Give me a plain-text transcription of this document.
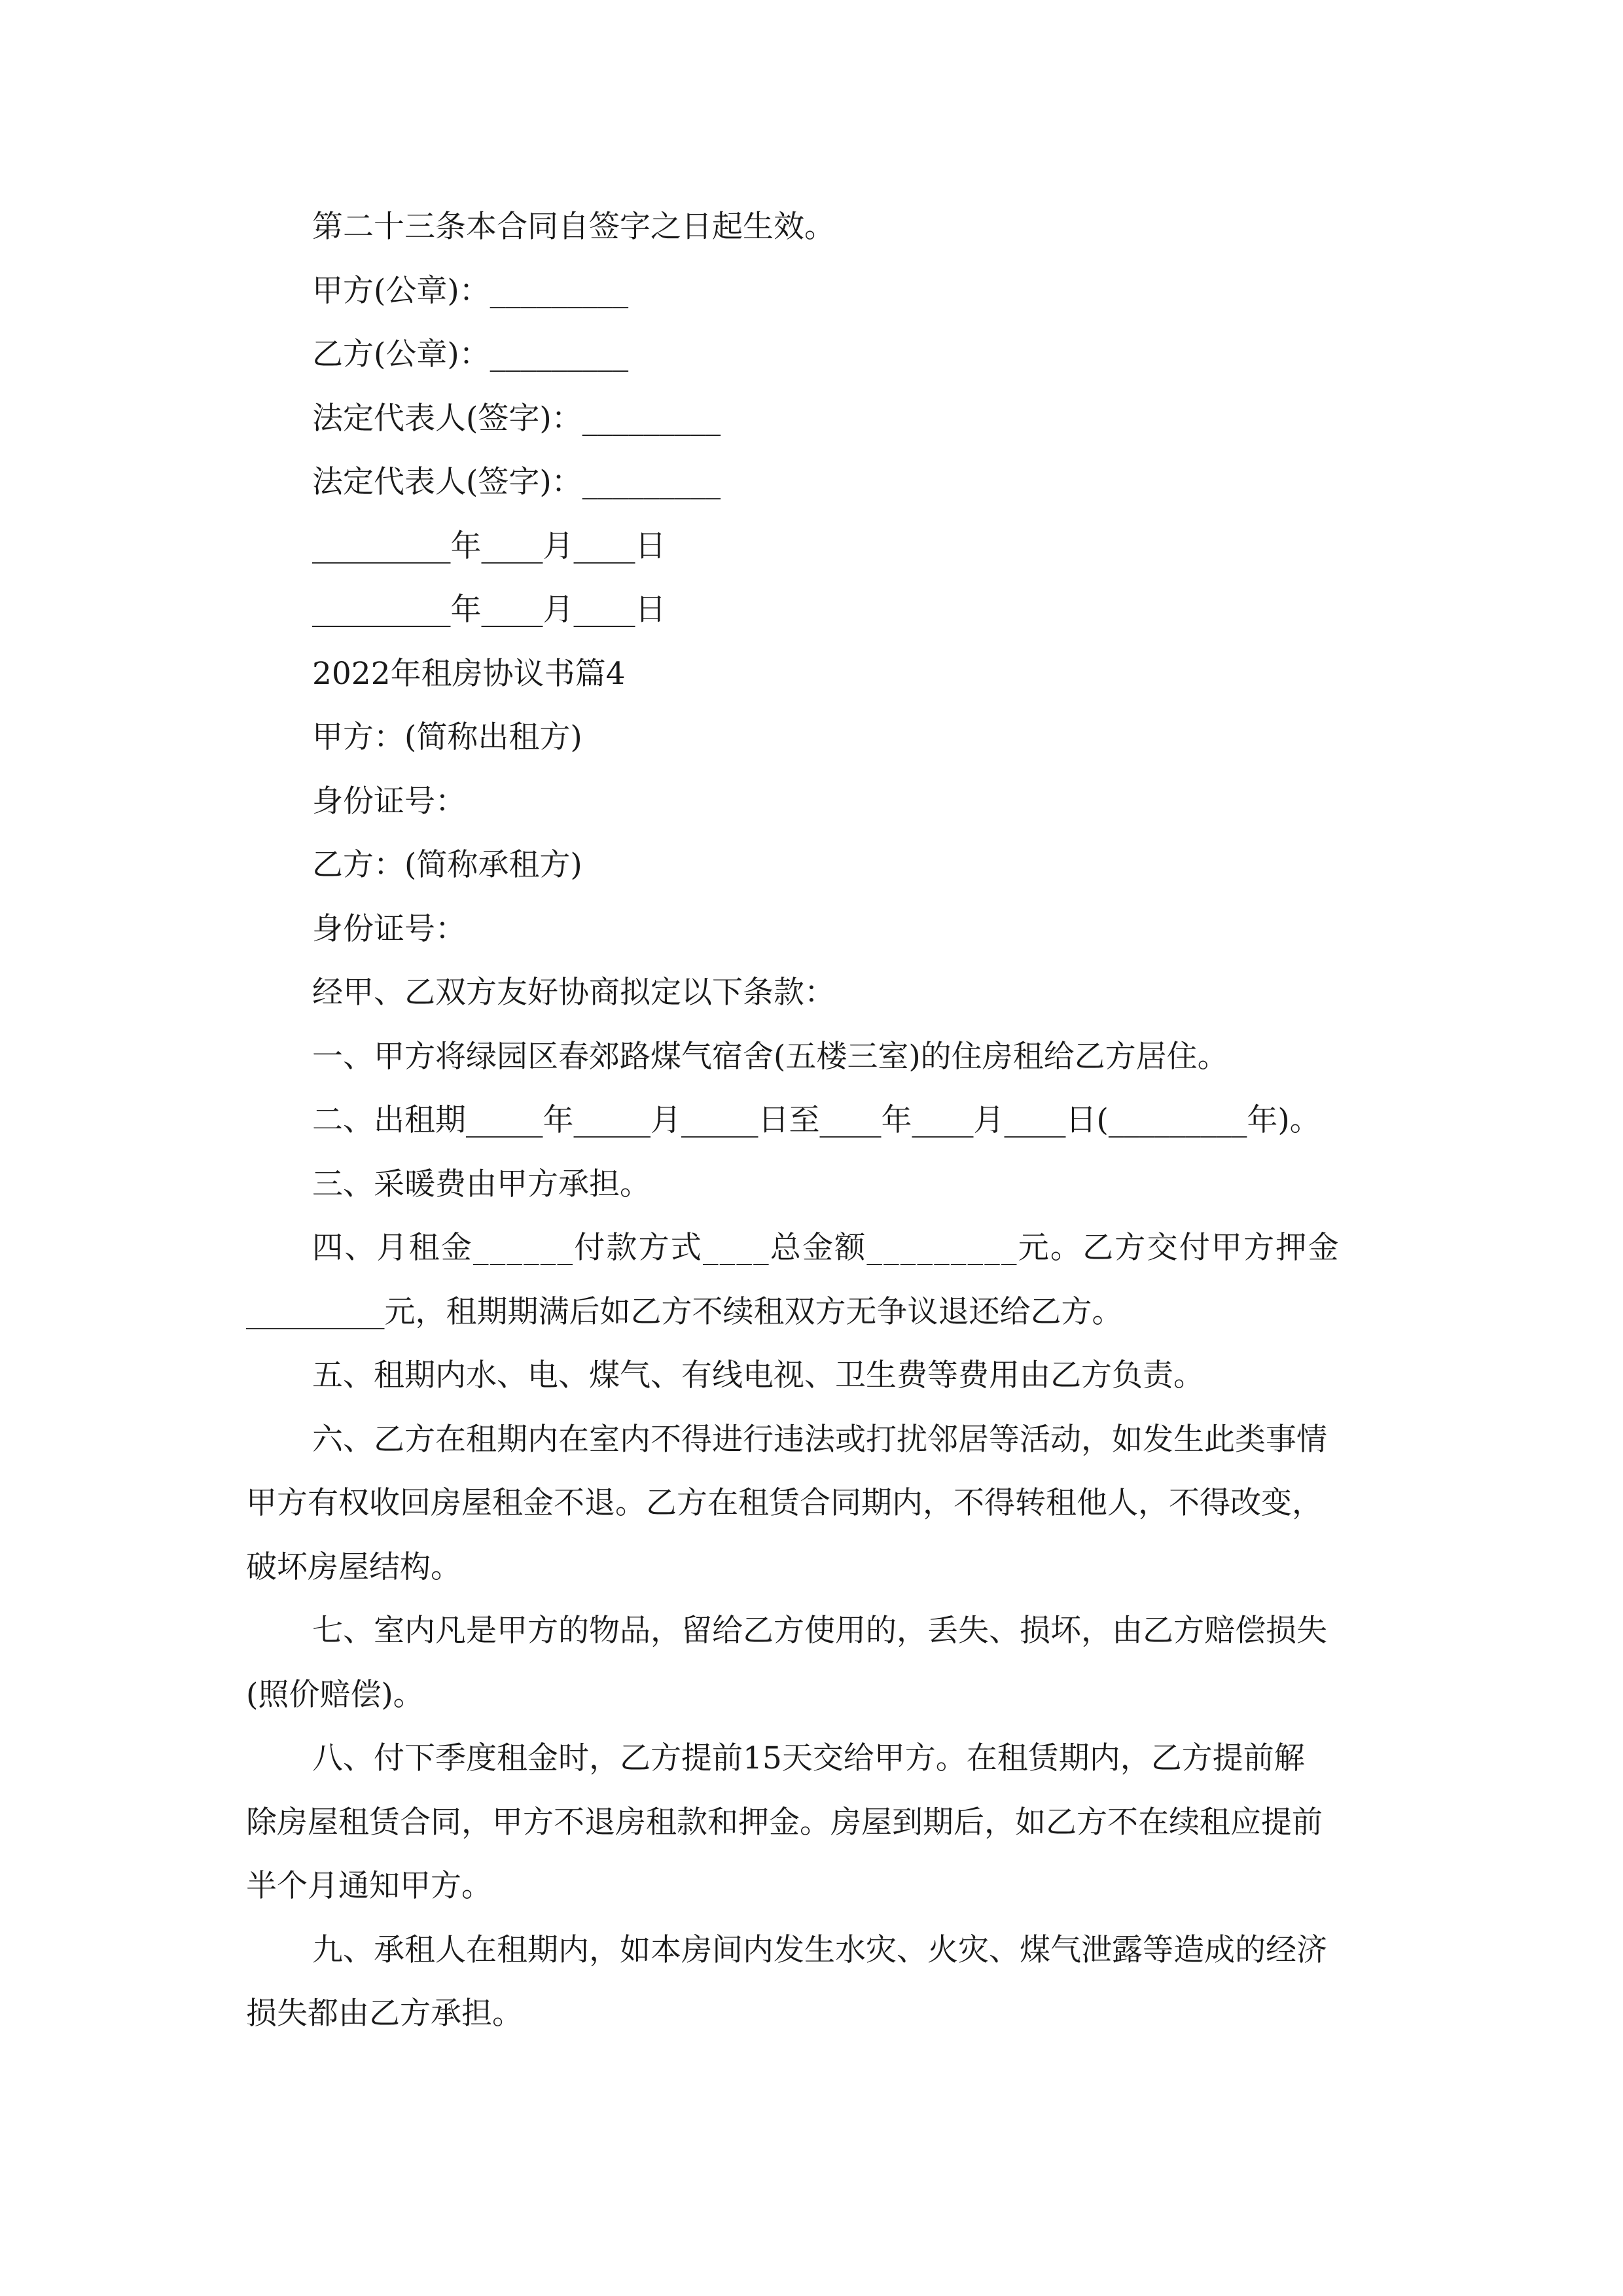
第二十三条本合同自签字之日起生效。
甲方(公章)：_________
乙方(公章)：_________
法定代表人(签字)：_________
法定代表人(签字)：_________
_________年____月____日
_________年____月____日
2022年租房协议书篇4
甲方：(简称出租方)
身份证号：
乙方：(简称承租方)
身份证号：
经甲、乙双方友好协商拟定以下条款：
一、甲方将绿园区春郊路煤气宿舍(五楼三室)的住房租给乙方居住。
二、出租期_____年_____月_____日至____年____月____日(_________年)。
三、采暖费由甲方承担。
四、月租金______付款方式____总金额_________元。乙方交付甲方押金
_________元，租期期满后如乙方不续租双方无争议退还给乙方。
五、租期内水、电、煤气、有线电视、卫生费等费用由乙方负责。
六、乙方在租期内在室内不得进行违法或打扰邻居等活动，如发生此类事情
甲方有权收回房屋租金不退。乙方在租赁合同期内，不得转租他人，不得改变，
破坏房屋结构。
七、室内凡是甲方的物品，留给乙方使用的，丢失、损坏，由乙方赔偿损失
(照价赔偿)。
八、付下季度租金时，乙方提前15天交给甲方。在租赁期内，乙方提前解
除房屋租赁合同，甲方不退房租款和押金。房屋到期后，如乙方不在续租应提前
半个月通知甲方。
九、承租人在租期内，如本房间内发生水灾、火灾、煤气泄露等造成的经济
损失都由乙方承担。
